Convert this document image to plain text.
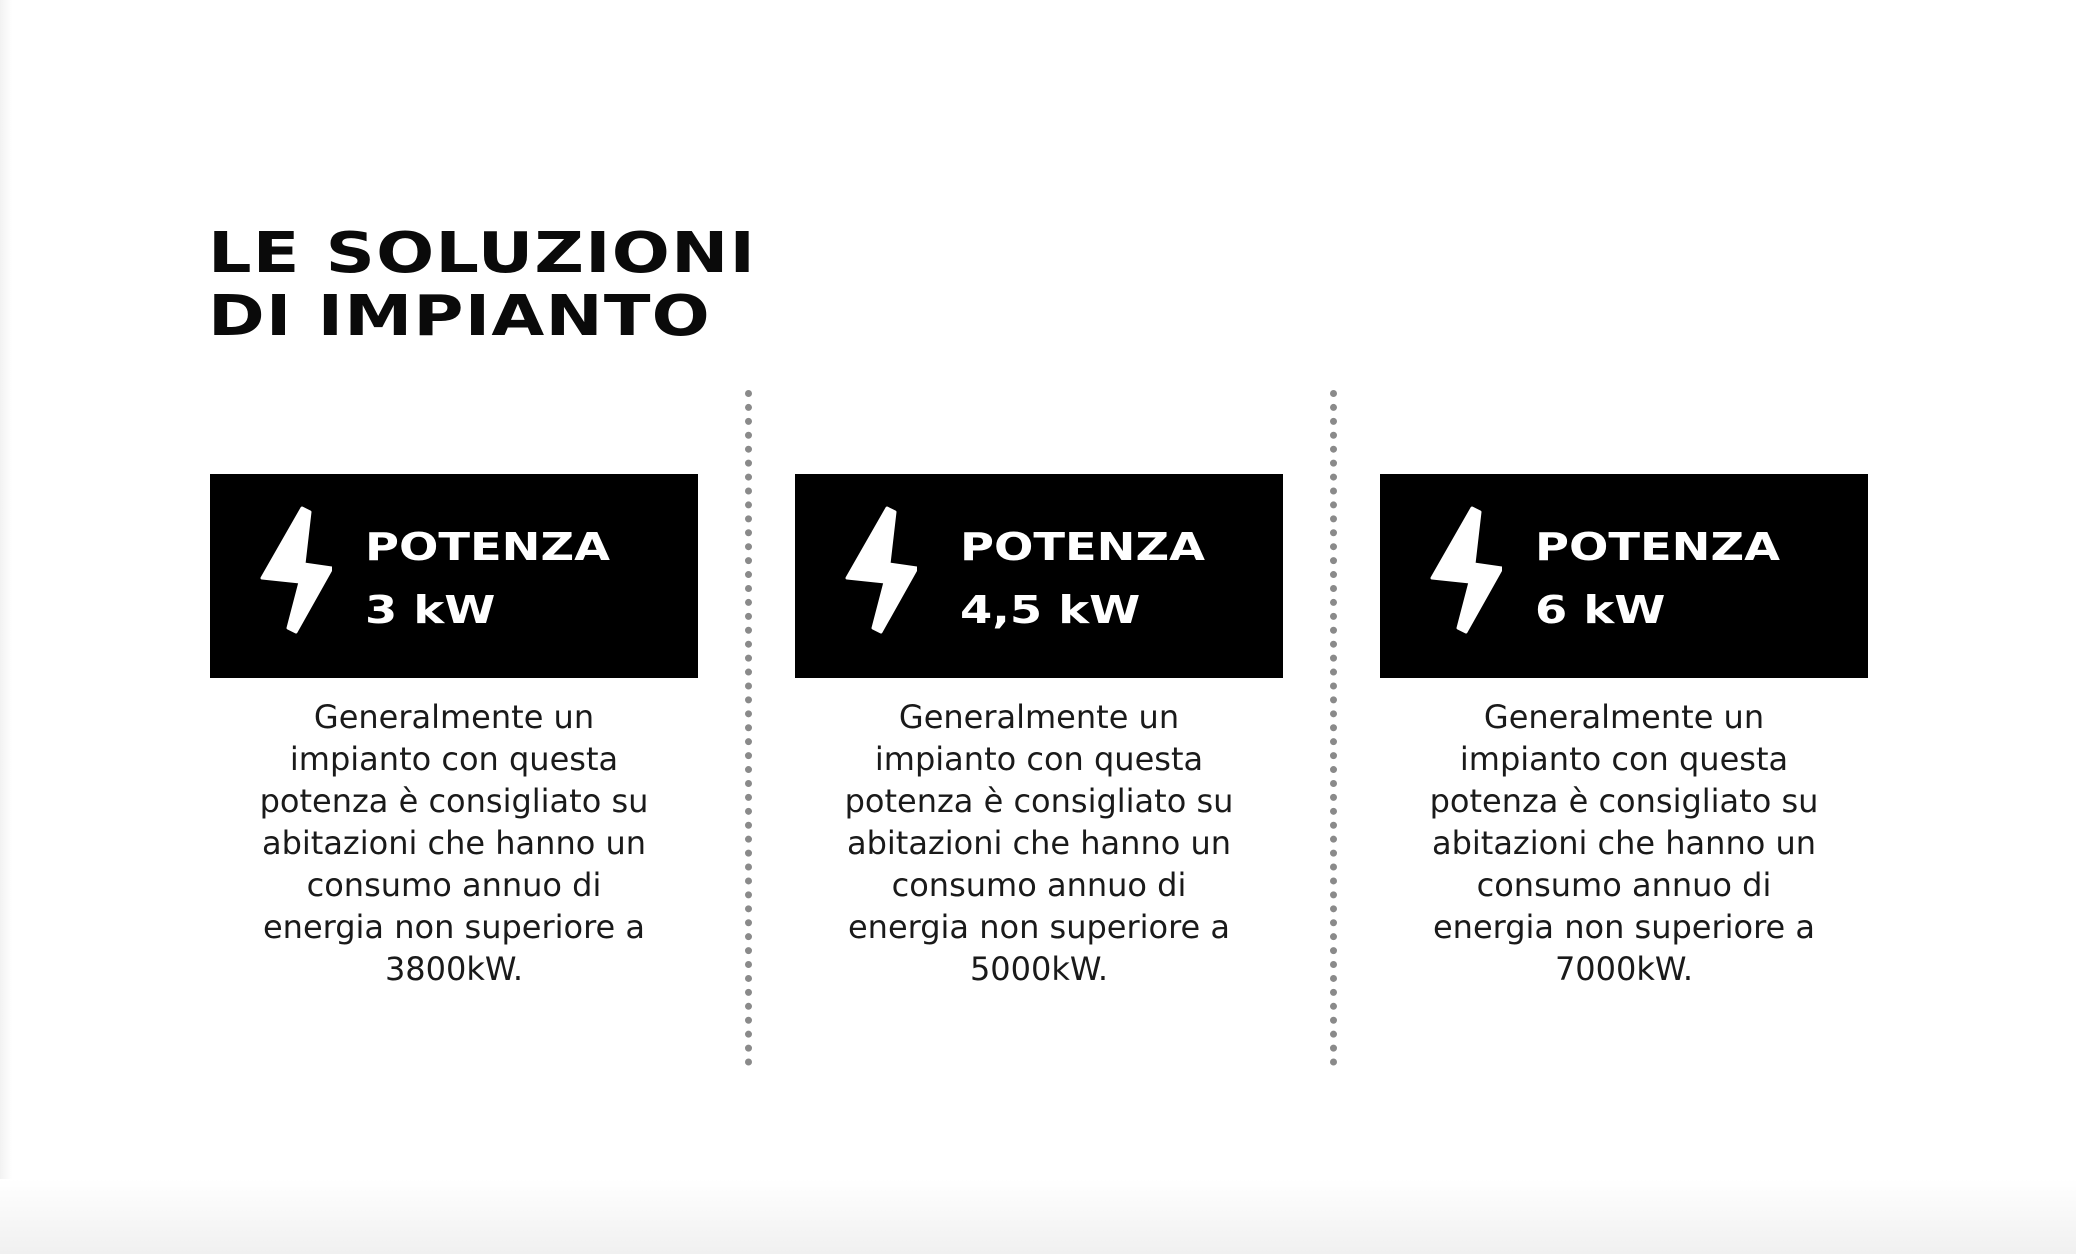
LE SOLUZIONI
DI IMPIANTO
POTENZA
3 kW
Generalmente un
impianto con questa
potenza è consigliato su
abitazioni che hanno un
consumo annuo di
energia non superiore a
3800kW.
POTENZA
4,5 kW
Generalmente un
impianto con questa
potenza è consigliato su
abitazioni che hanno un
consumo annuo di
energia non superiore a
5000kW.
POTENZA
6 kW
Generalmente un
impianto con questa
potenza è consigliato su
abitazioni che hanno un
consumo annuo di
energia non superiore a
7000kW.
